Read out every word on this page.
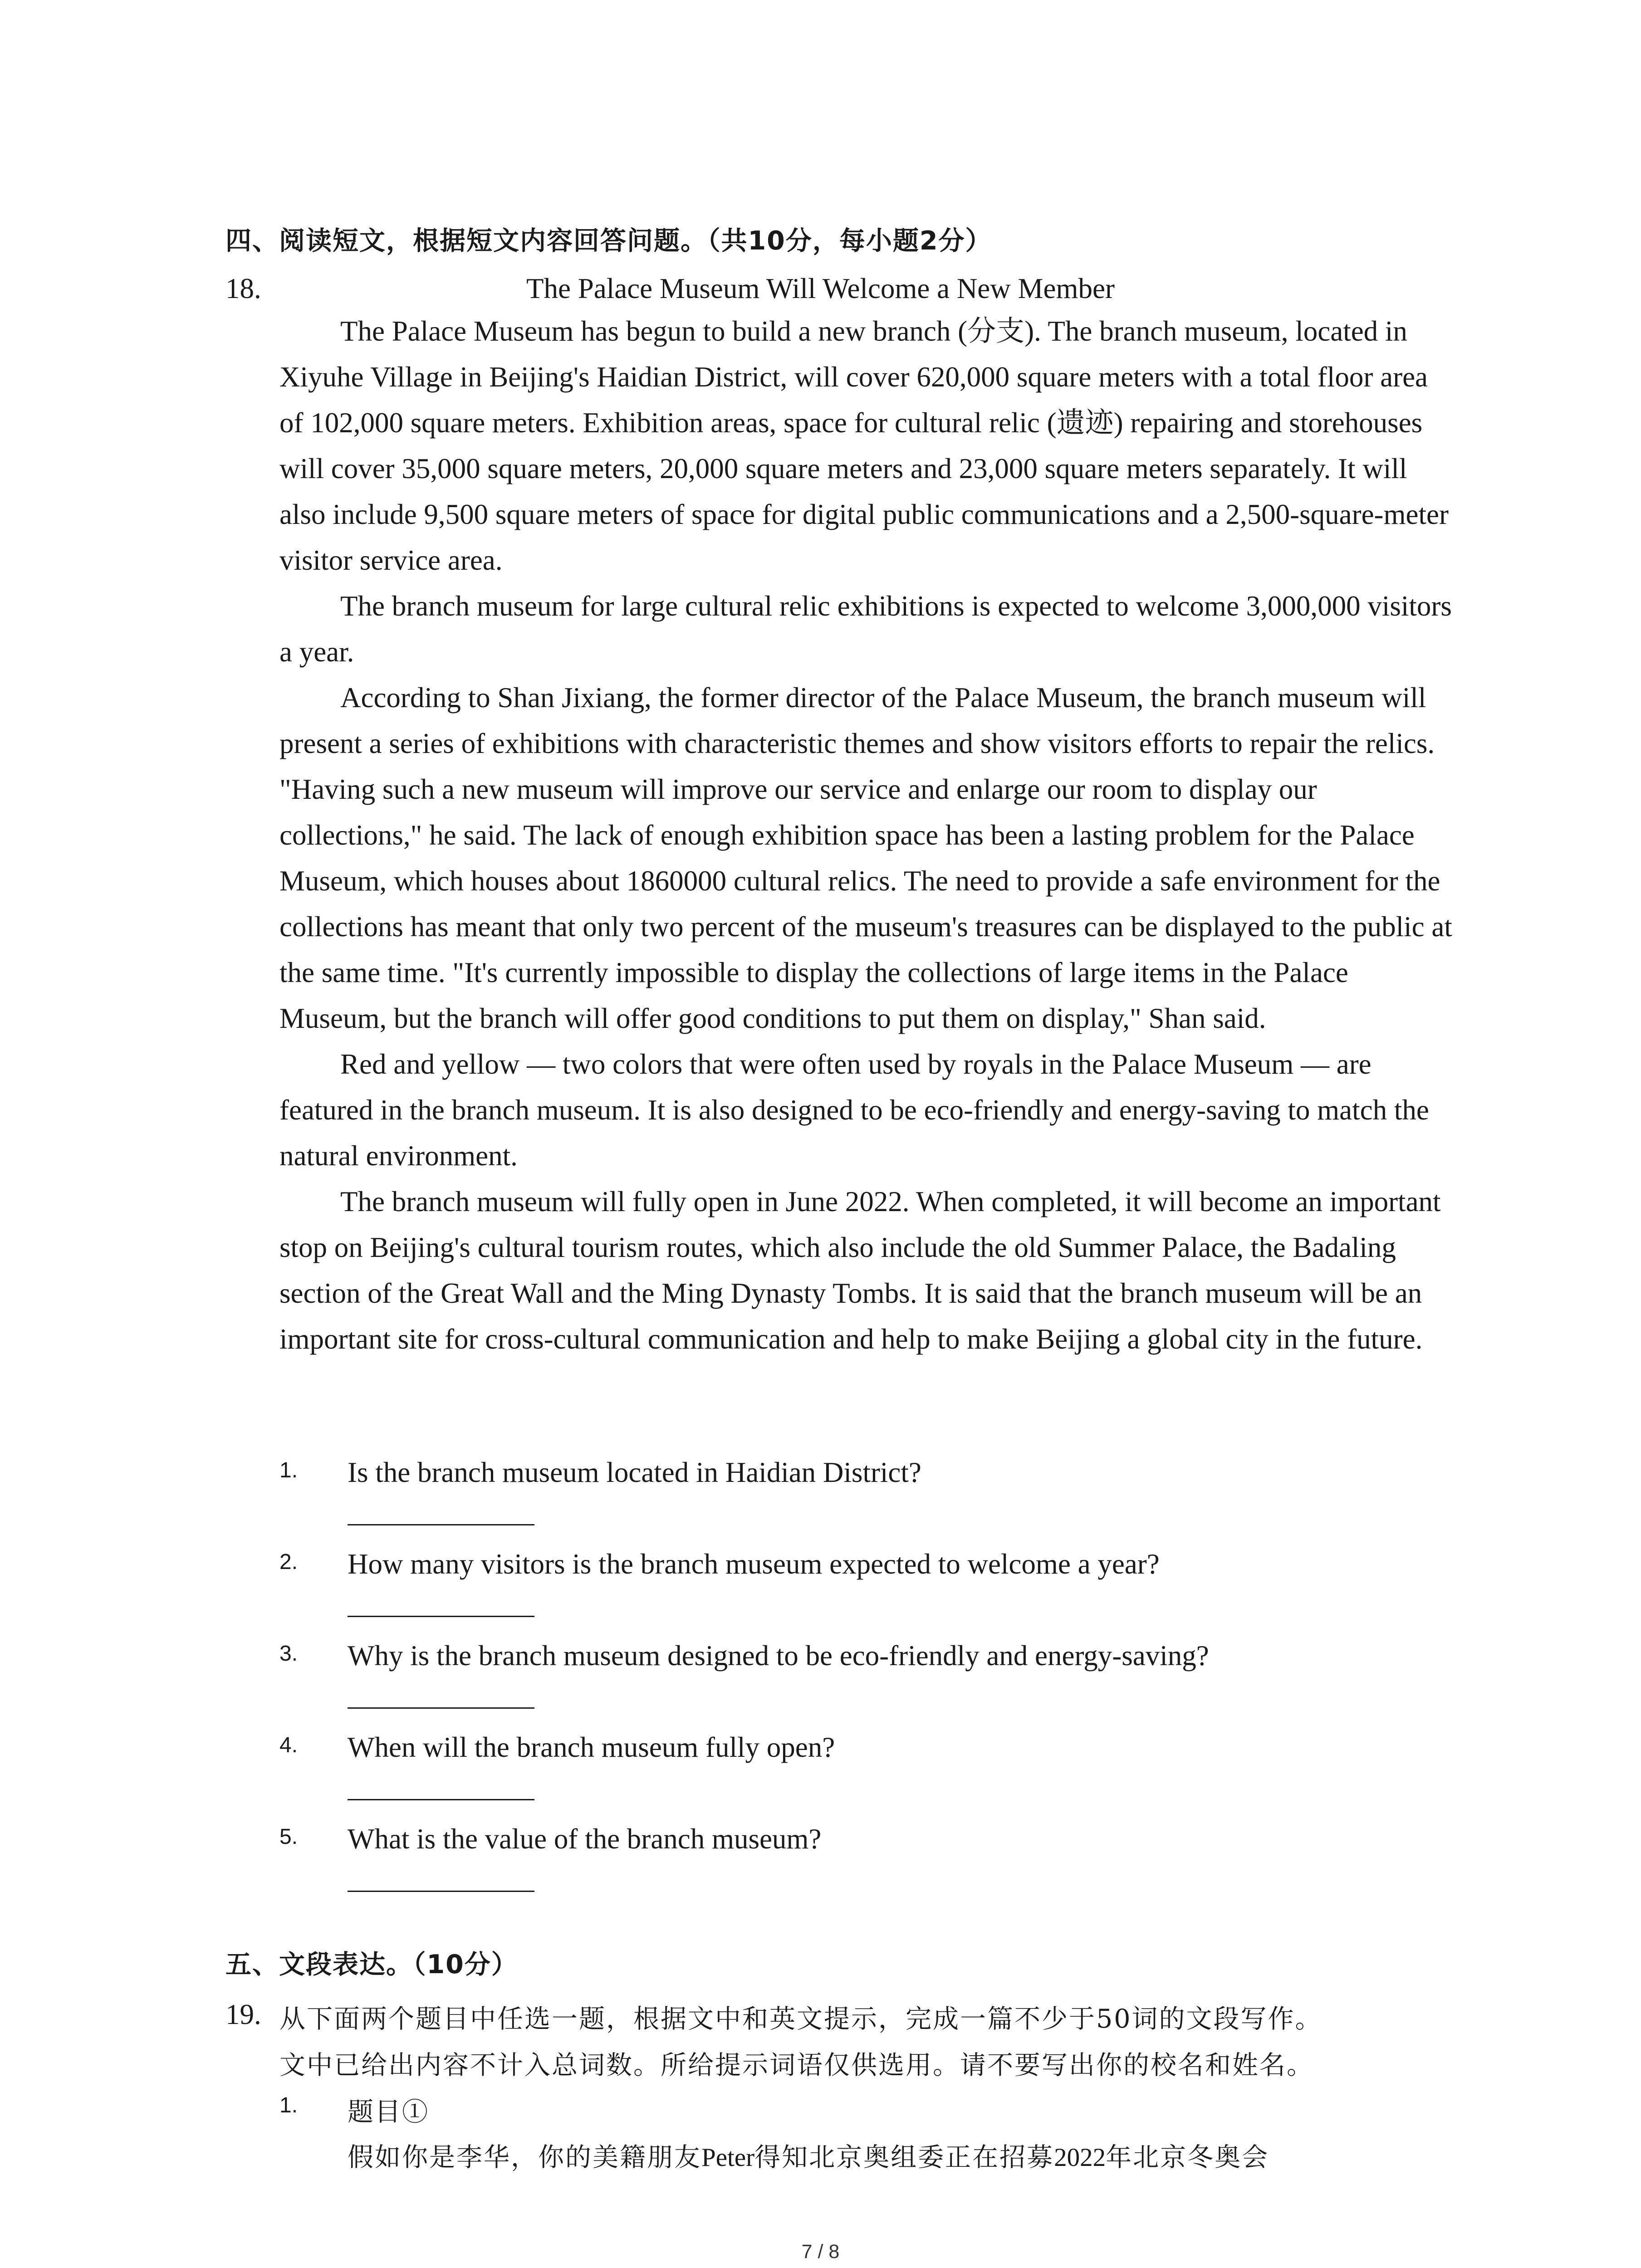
四、阅读短文，根据短文内容回答问题。（共10分，每小题2分）
18.	The Palace Museum Will Welcome a New Member

The Palace Museum has begun to build a new branch (分支). The branch museum, located in Xiyuhe Village in Beijing's Haidian District, will cover 620,000 square meters with a total floor area of 102,000 square meters. Exhibition areas, space for cultural relic (遗迹) repairing and storehouses will cover 35,000 square meters, 20,000 square meters and 23,000 square meters separately. It will also include 9,500 square meters of space for digital public communications and a 2,500-square-meter visitor service area.

The branch museum for large cultural relic exhibitions is expected to welcome 3,000,000 visitors a year.

According to Shan Jixiang, the former director of the Palace Museum, the branch museum will present a series of exhibitions with characteristic themes and show visitors efforts to repair the relics. "Having such a new museum will improve our service and enlarge our room to display our collections," he said. The lack of enough exhibition space has been a lasting problem for the Palace Museum, which houses about 1860000 cultural relics. The need to provide a safe environment for the collections has meant that only two percent of the museum's treasures can be displayed to the public at the same time. "It's currently impossible to display the collections of large items in the Palace Museum, but the branch will offer good conditions to put them on display," Shan said.

Red and yellow — two colors that were often used by royals in the Palace Museum — are featured in the branch museum. It is also designed to be eco-friendly and energy-saving to match the natural environment.

The branch museum will fully open in June 2022. When completed, it will become an important stop on Beijing's cultural tourism routes, which also include the old Summer Palace, the Badaling section of the Great Wall and the Ming Dynasty Tombs. It is said that the branch museum will be an important site for cross-cultural communication and help to make Beijing a global city in the future.

1. Is the branch museum located in Haidian District?
2. How many visitors is the branch museum expected to welcome a year?
3. Why is the branch museum designed to be eco-friendly and energy-saving?
4. When will the branch museum fully open?
5. What is the value of the branch museum?
五、文段表达。（10分）
19. 从下面两个题目中任选一题，根据文中和英文提示，完成一篇不少于50词的文段写作。
文中已给出内容不计入总词数。所给提示词语仅供选用。请不要写出你的校名和姓名。
1. 题目①
假如你是李华，你的美籍朋友Peter得知北京奥组委正在招募2022年北京冬奥会
7 / 8
